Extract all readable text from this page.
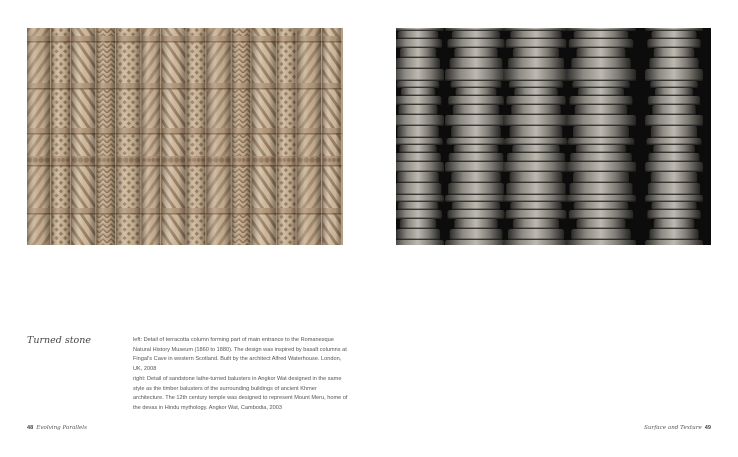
Turned stone	left: Detail of terracotta column forming part of main entrance to the Romanesque Natural History Museum (1860 to 1880). The design was inspired by basalt columns at Fingal's Cave in western Scotland. Built by the architect Alfred Waterhouse. London, UK, 2008

right: Detail of sandstone lathe-turned balusters in Angkor Wat designed in the same style as the timber balusters of the surrounding buildings of ancient Khmer architecture. The 12th century temple was designed to represent Mount Meru, home of the devas in Hindu mythology. Angkor Wat, Cambodia, 2003

48 Evolving Parallels	Surface and Texture 49
